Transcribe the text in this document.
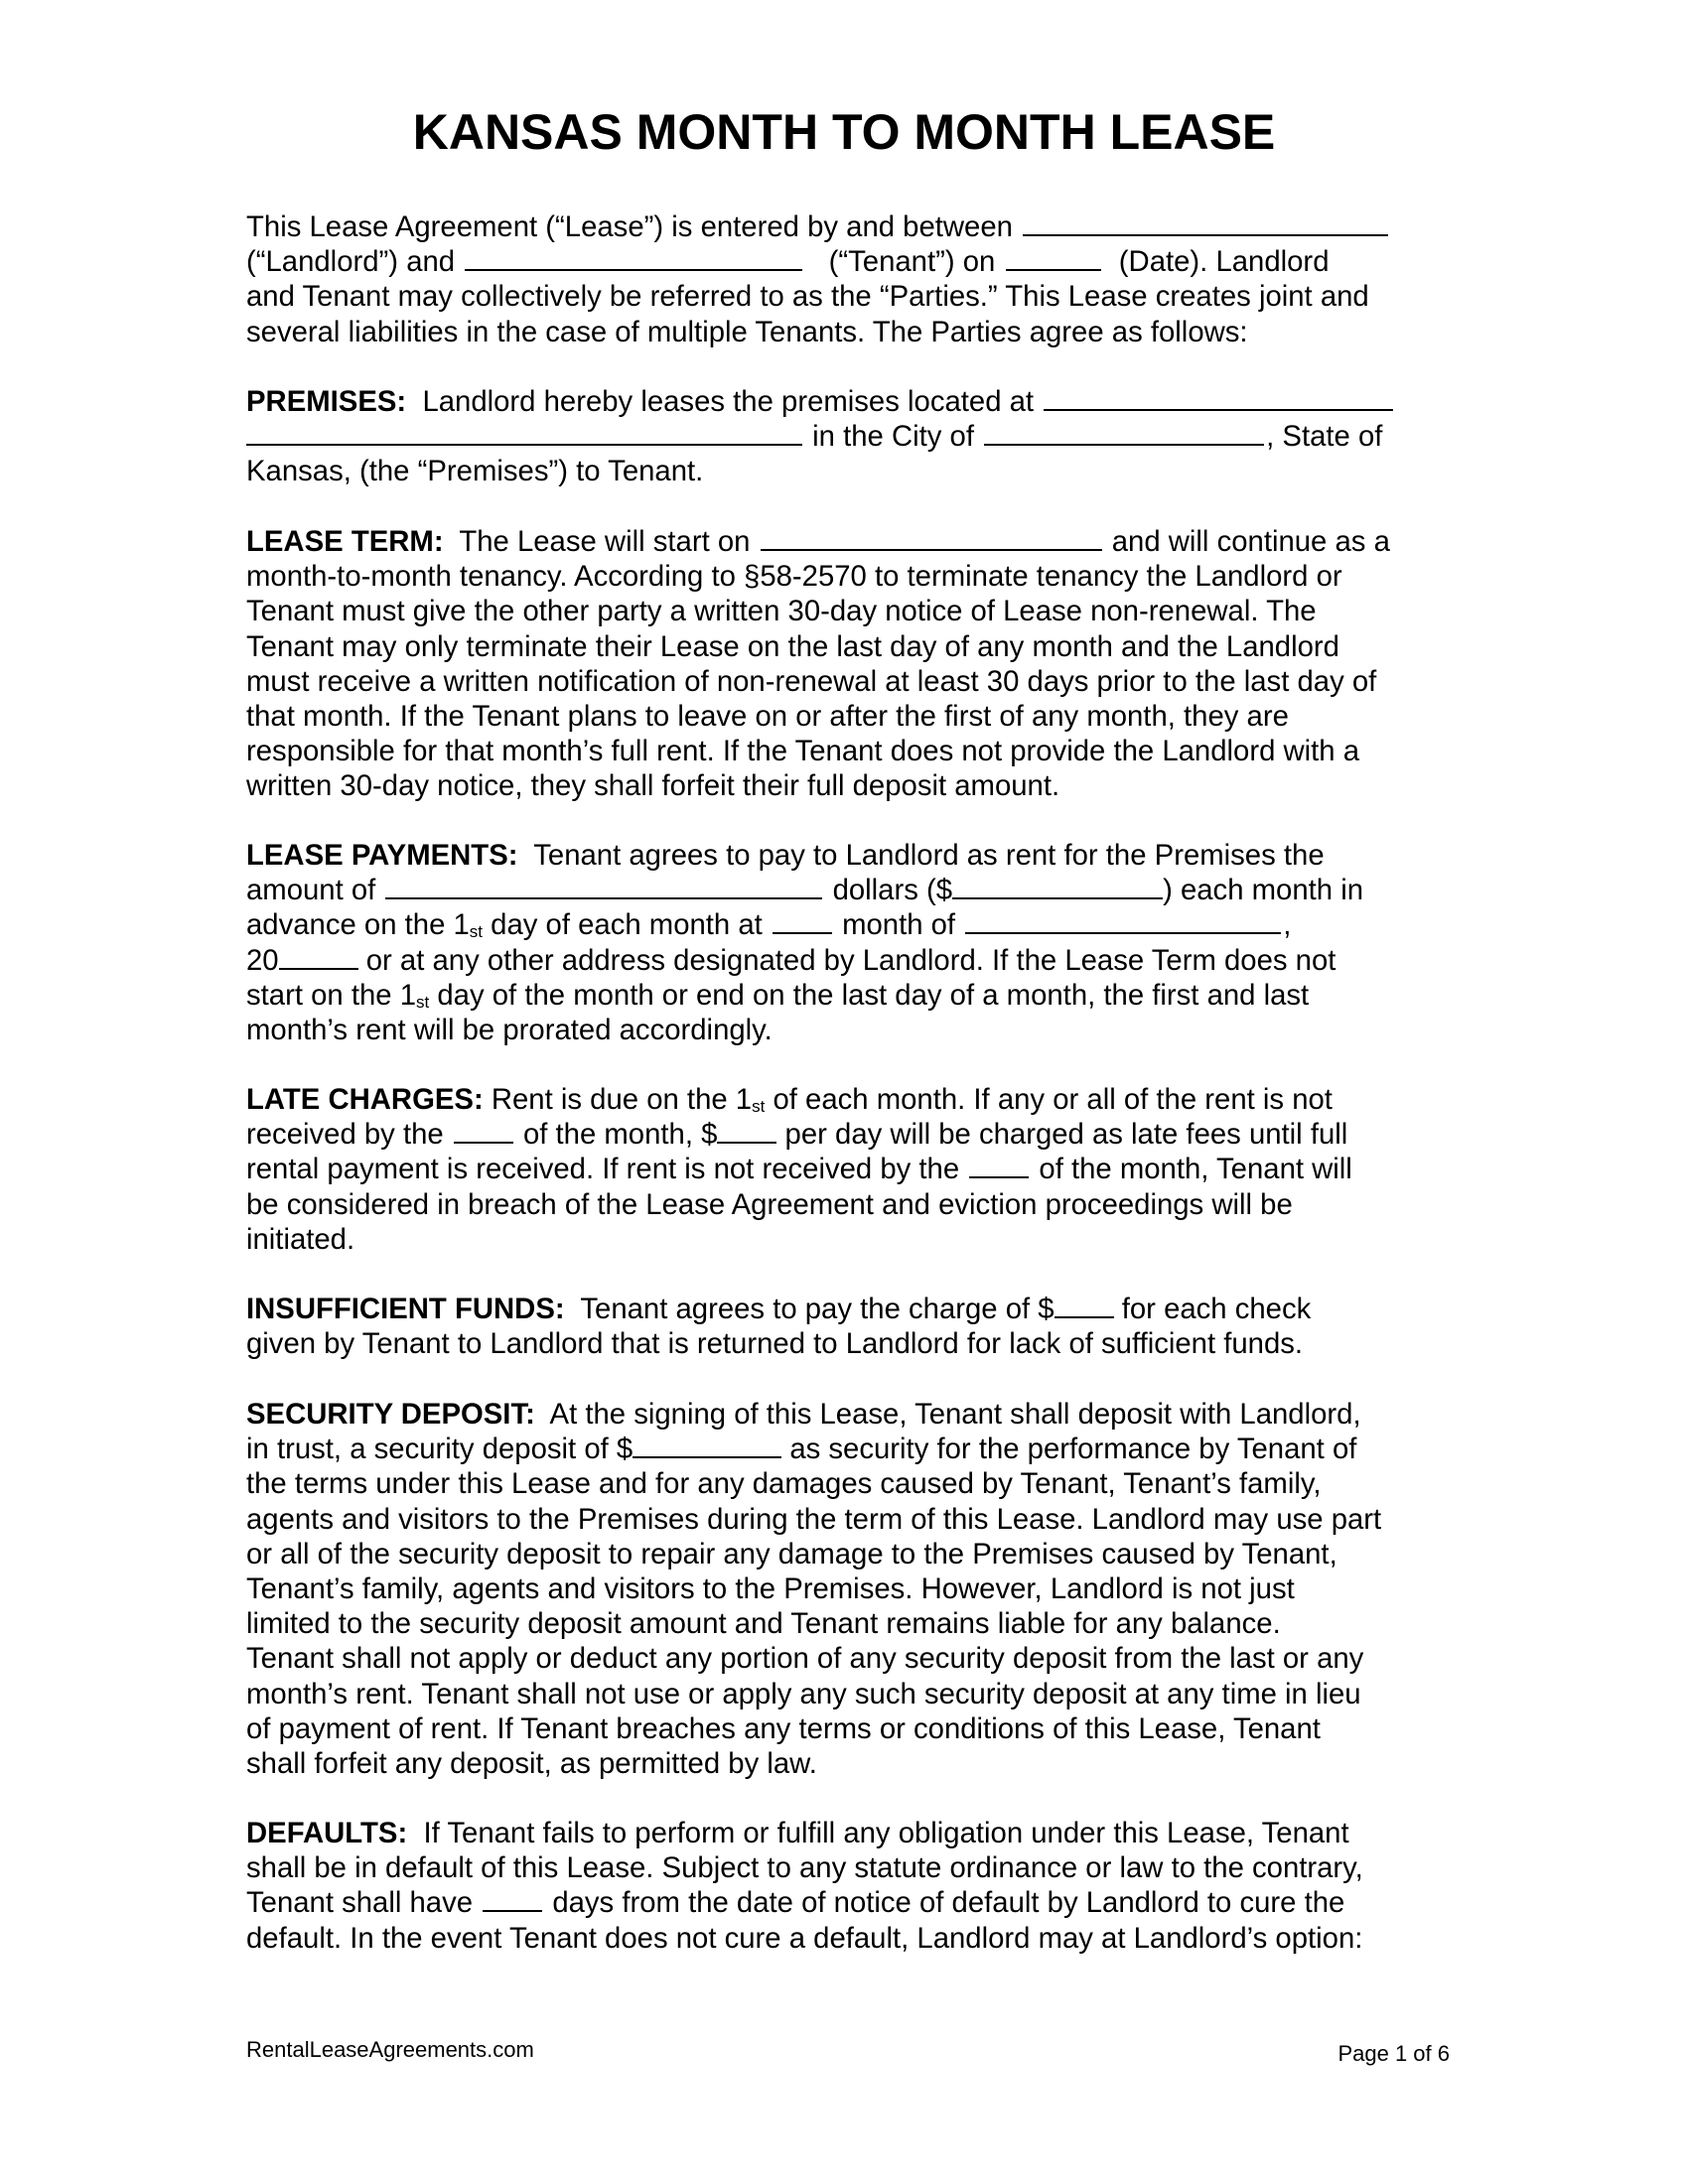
KANSAS MONTH TO MONTH LEASE
This Lease Agreement (“Lease”) is entered by and between
(“Landlord”) and	(“Tenant”) on	(Date). Landlord
and Tenant may collectively be referred to as the “Parties.” This Lease creates joint and
several liabilities in the case of multiple Tenants. The Parties agree as follows:
PREMISES: Landlord hereby leases the premises located at
in the City of	, State of
Kansas, (the “Premises”) to Tenant.
LEASE TERM: The Lease will start on	and will continue as a
month-to-month tenancy. According to §58-2570 to terminate tenancy the Landlord or
Tenant must give the other party a written 30-day notice of Lease non-renewal. The
Tenant may only terminate their Lease on the last day of any month and the Landlord
must receive a written notification of non-renewal at least 30 days prior to the last day of
that month. If the Tenant plans to leave on or after the first of any month, they are
responsible for that month’s full rent. If the Tenant does not provide the Landlord with a
written 30-day notice, they shall forfeit their full deposit amount.
LEASE PAYMENTS: Tenant agrees to pay to Landlord as rent for the Premises the
amount of	dollars ($	) each month in
advance on the 1st day of each month at	month of	,
20	or at any other address designated by Landlord. If the Lease Term does not
start on the 1st day of the month or end on the last day of a month, the first and last
month’s rent will be prorated accordingly.
LATE CHARGES: Rent is due on the 1st of each month. If any or all of the rent is not
received by the	of the month, $ per day will be charged as late fees until full
rental payment is received. If rent is not received by the	of the month, Tenant will
be considered in breach of the Lease Agreement and eviction proceedings will be
initiated.
INSUFFICIENT FUNDS: Tenant agrees to pay the charge of $ for each check
given by Tenant to Landlord that is returned to Landlord for lack of sufficient funds.
SECURITY DEPOSIT: At the signing of this Lease, Tenant shall deposit with Landlord,
in trust, a security deposit of $	as security for the performance by Tenant of
the terms under this Lease and for any damages caused by Tenant, Tenant’s family,
agents and visitors to the Premises during the term of this Lease. Landlord may use part
or all of the security deposit to repair any damage to the Premises caused by Tenant,
Tenant’s family, agents and visitors to the Premises. However, Landlord is not just
limited to the security deposit amount and Tenant remains liable for any balance.
Tenant shall not apply or deduct any portion of any security deposit from the last or any
month’s rent. Tenant shall not use or apply any such security deposit at any time in lieu
of payment of rent. If Tenant breaches any terms or conditions of this Lease, Tenant
shall forfeit any deposit, as permitted by law.
DEFAULTS: If Tenant fails to perform or fulfill any obligation under this Lease, Tenant
shall be in default of this Lease. Subject to any statute ordinance or law to the contrary,
Tenant shall have	days from the date of notice of default by Landlord to cure the
default. In the event Tenant does not cure a default, Landlord may at Landlord’s option:
RentalLeaseAgreements.com	Page 1 of 6
